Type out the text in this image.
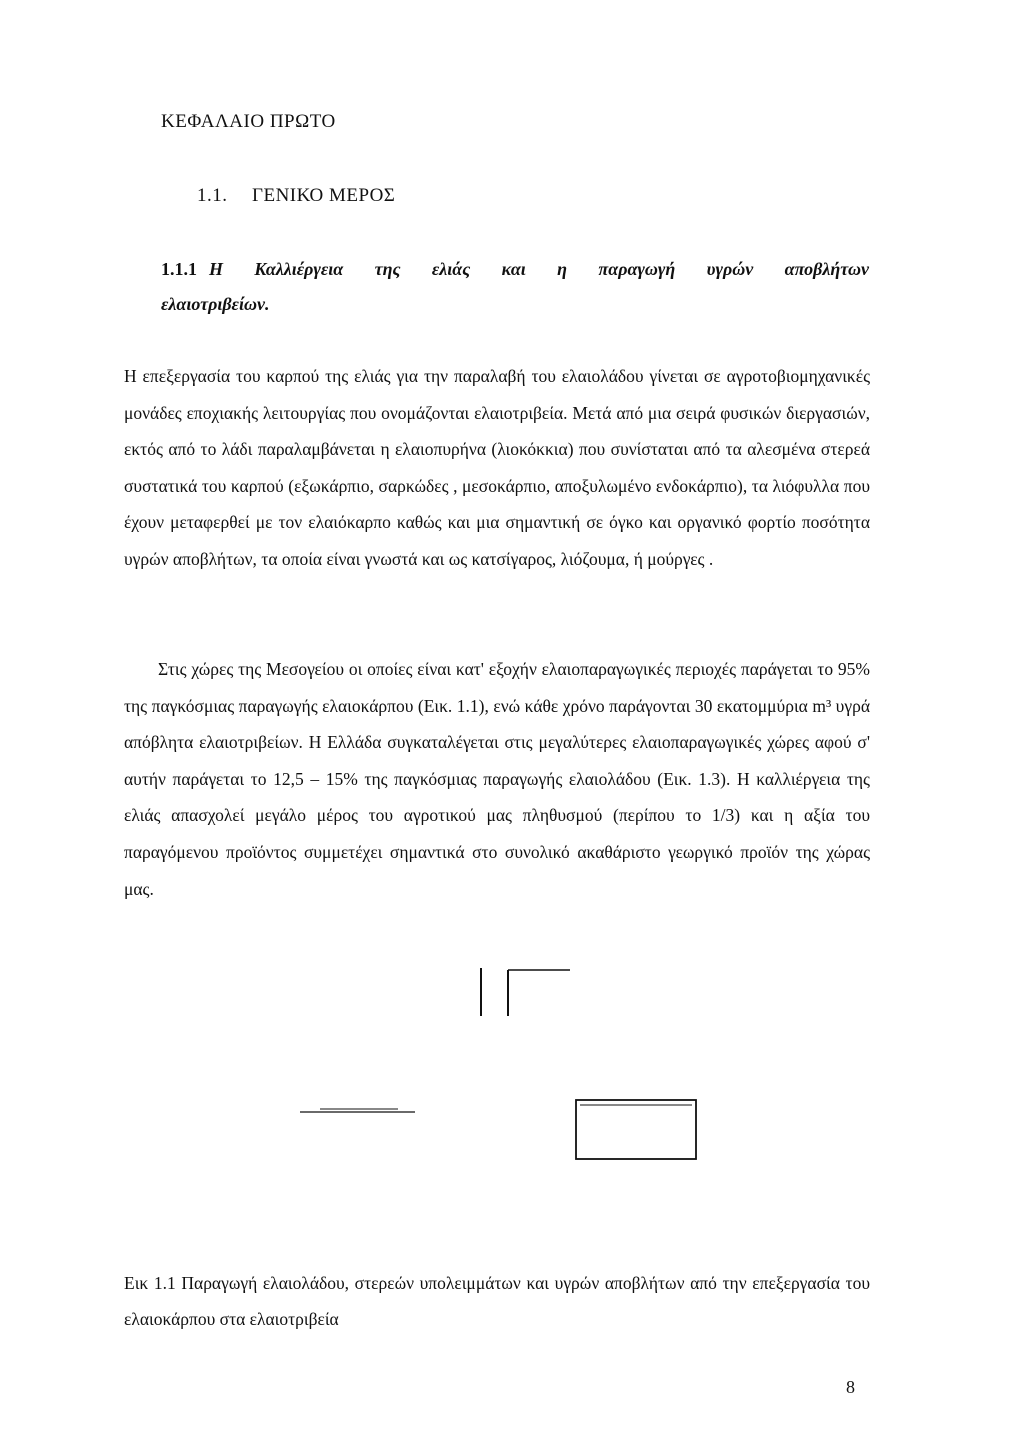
ΚΕΦΑΛΑΙΟ ΠΡΩΤΟ
1.1. ΓΕΝΙΚΟ ΜΕΡΟΣ
1.1.1 Η Καλλιέργεια της ελιάς και η παραγωγή υγρών αποβλήτων
ελαιοτριβείων.

Η επεξεργασία του καρπού της ελιάς για την παραλαβή του ελαιολάδου γίνεται σε αγροτοβιομηχανικές μονάδες εποχιακής λειτουργίας που ονομάζονται ελαιοτριβεία. Μετά από μια σειρά φυσικών διεργασιών, εκτός από το λάδι παραλαμβάνεται η ελαιοπυρήνα (λιοκόκκια) που συνίσταται από τα αλεσμένα στερεά συστατικά του καρπού (εξωκάρπιο, σαρκώδες , μεσοκάρπιο, αποξυλωμένο ενδοκάρπιο), τα λιόφυλλα που έχουν μεταφερθεί με τον ελαιόκαρπο καθώς και μια σημαντική σε όγκο και οργανικό φορτίο ποσότητα υγρών αποβλήτων, τα οποία είναι γνωστά και ως κατσίγαρος, λιόζουμα, ή μούργες .

Στις χώρες της Μεσογείου οι οποίες είναι κατ' εξοχήν ελαιοπαραγωγικές περιοχές παράγεται το 95% της παγκόσμιας παραγωγής ελαιοκάρπου (Εικ. 1.1), ενώ κάθε χρόνο παράγονται 30 εκατομμύρια m³ υγρά απόβλητα ελαιοτριβείων. Η Ελλάδα συγκαταλέγεται στις μεγαλύτερες ελαιοπαραγωγικές χώρες αφού σ' αυτήν παράγεται το 12,5 – 15% της παγκόσμιας παραγωγής ελαιολάδου (Εικ. 1.3). Η καλλιέργεια της ελιάς απασχολεί μεγάλο μέρος του αγροτικού μας πληθυσμού (περίπου το 1/3) και η αξία του παραγόμενου προϊόντος συμμετέχει σημαντικά στο συνολικό ακαθάριστο γεωργικό προϊόν της χώρας μας.

Εικ 1.1 Παραγωγή ελαιολάδου, στερεών υπολειμμάτων και υγρών αποβλήτων από την επεξεργασία του ελαιοκάρπου στα ελαιοτριβεία

8
